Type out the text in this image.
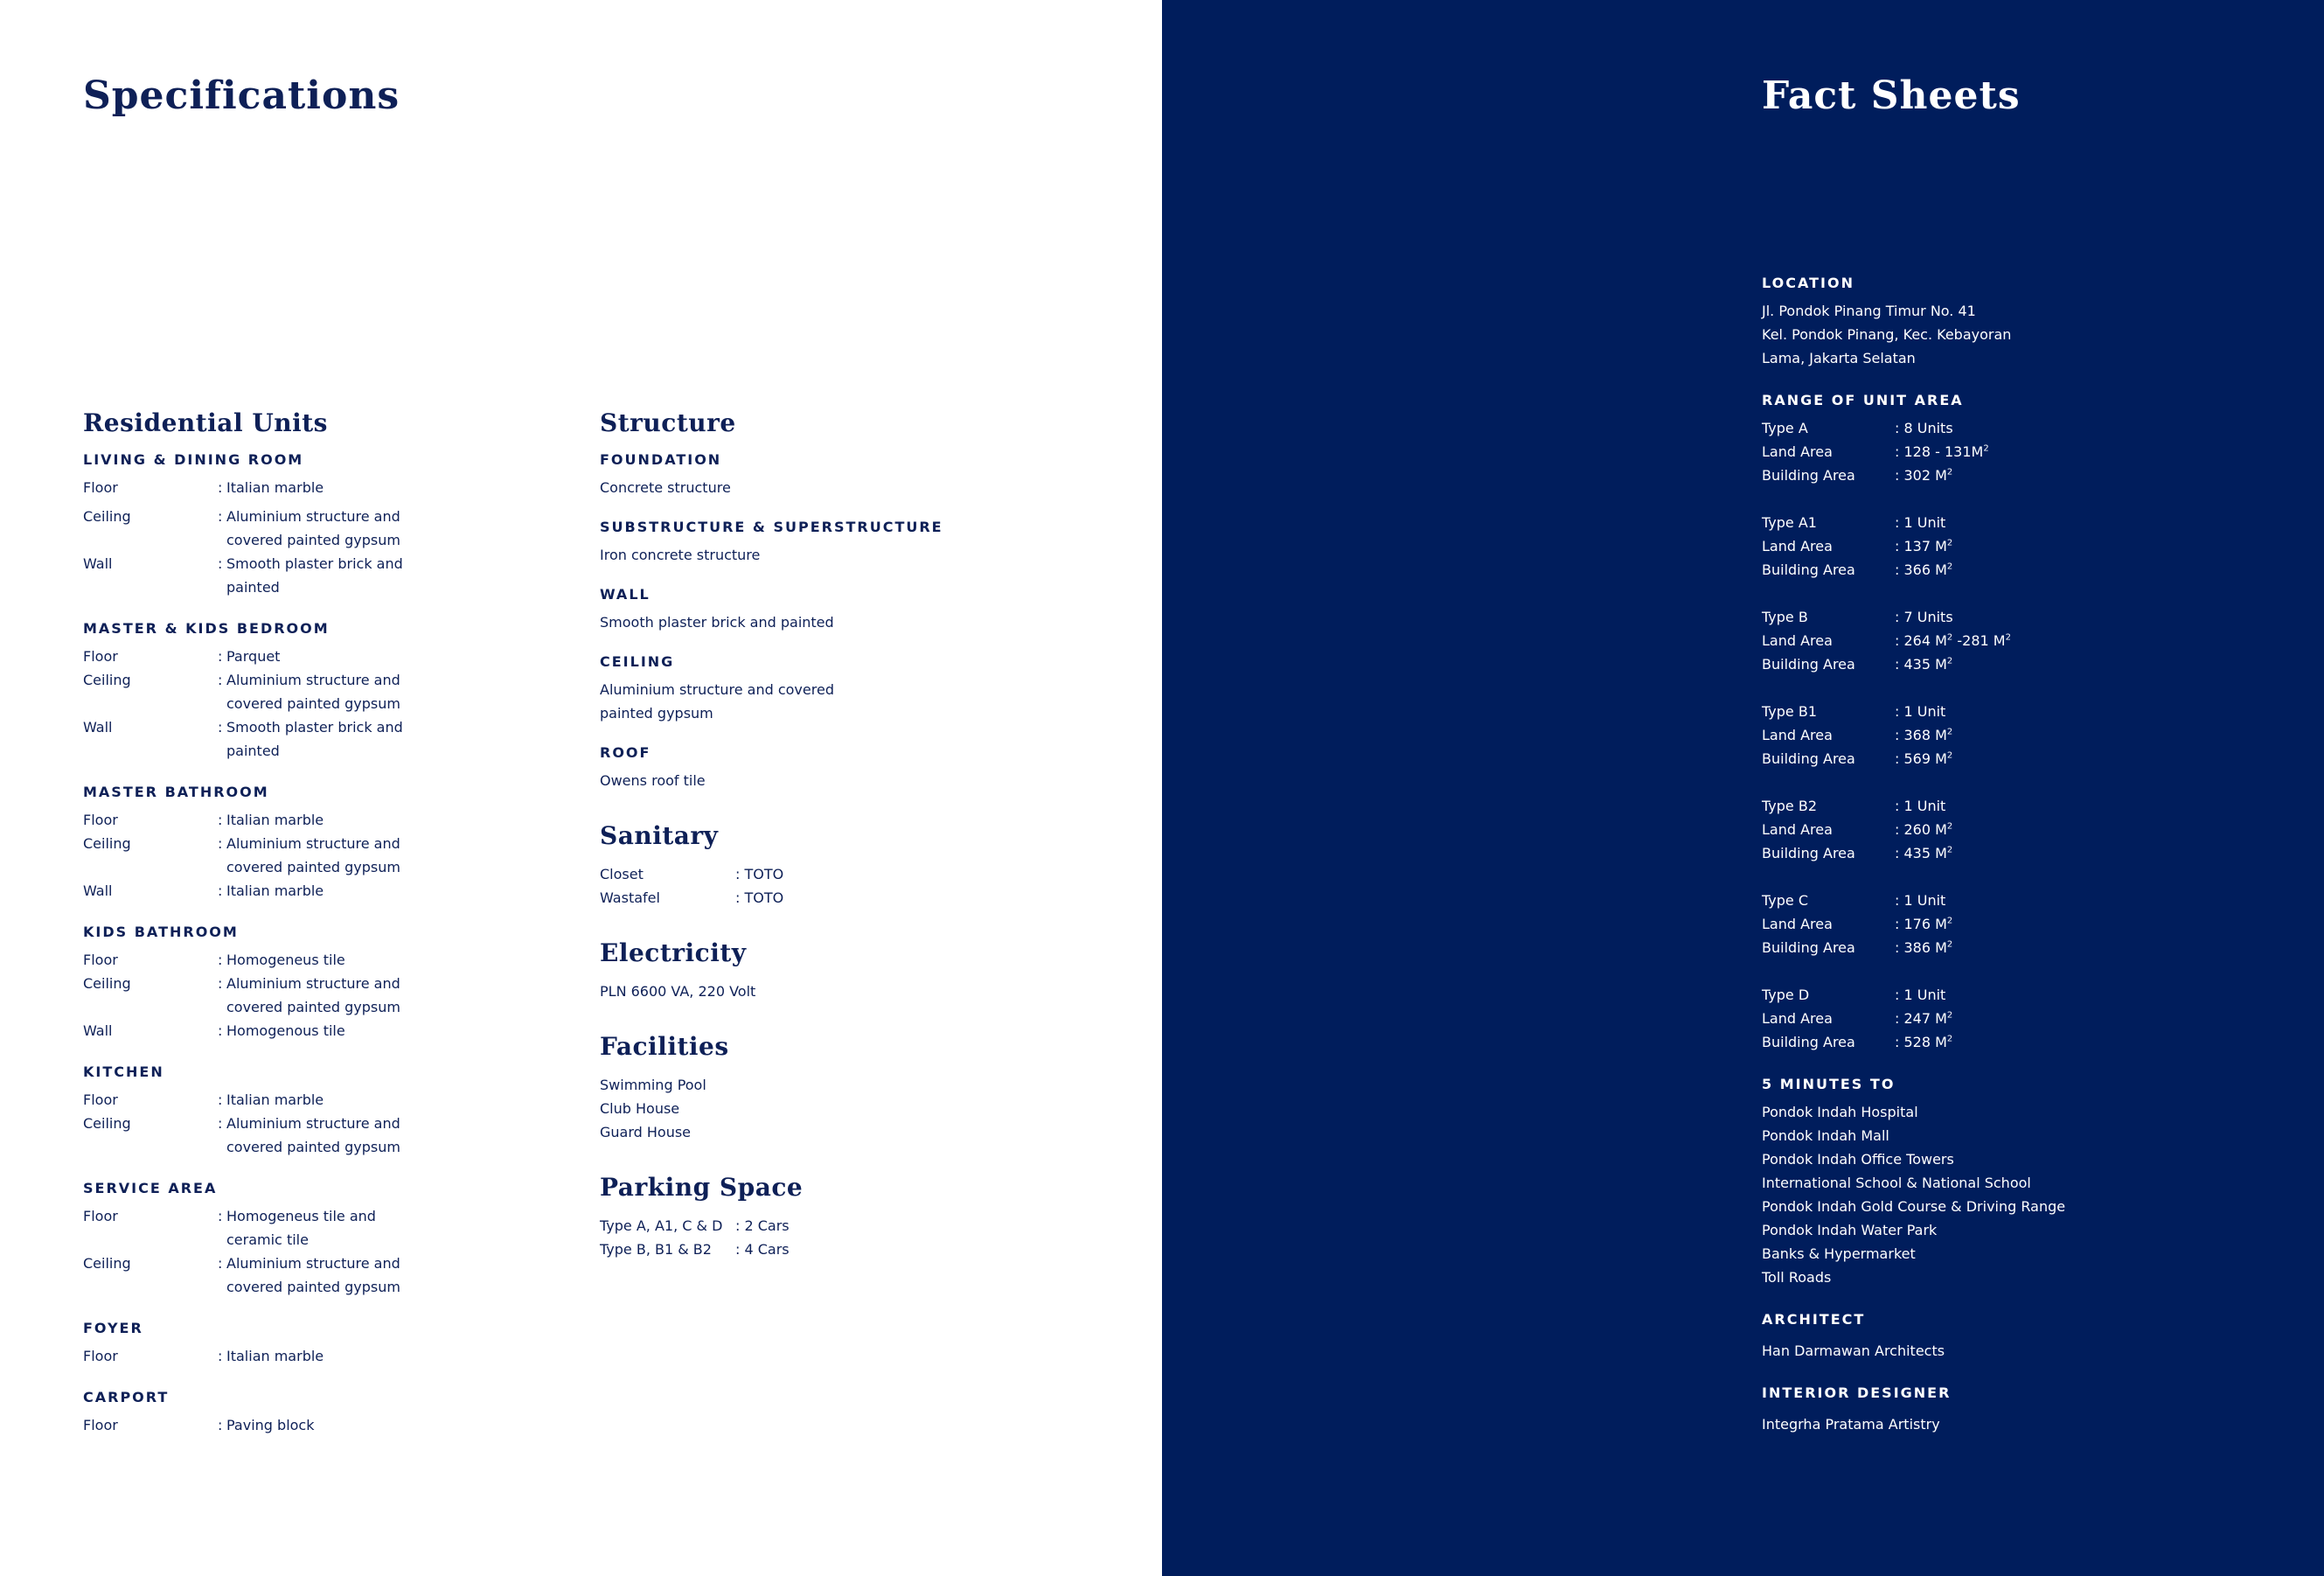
Specifications
Residential Units

LIVING & DINING ROOM

Floor	: Italian marble
Ceiling	: Aluminium structure and covered painted gypsum
Wall	: Smooth plaster brick and painted

MASTER & KIDS BEDROOM

Floor	: Parquet
Ceiling	: Aluminium structure and covered painted gypsum
Wall	: Smooth plaster brick and painted

MASTER BATHROOM

Floor	: Italian marble
Ceiling	: Aluminium structure and covered painted gypsum
Wall	: Italian marble

KIDS BATHROOM

Floor	: Homogeneus tile
Ceiling	: Aluminium structure and covered painted gypsum
Wall	: Homogenous tile

KITCHEN

Floor	: Italian marble
Ceiling	: Aluminium structure and covered painted gypsum

SERVICE AREA

Floor	: Homogeneus tile and ceramic tile
Ceiling	: Aluminium structure and covered painted gypsum

FOYER

Floor	: Italian marble

CARPORT

Floor	: Paving block
Structure

FOUNDATION

Concrete structure

SUBSTRUCTURE & SUPERSTRUCTURE

Iron concrete structure

WALL

Smooth plaster brick and painted

CEILING

Aluminium structure and covered

painted gypsum

ROOF

Owens roof tile

Sanitary
Closet	: TOTO
Wastafel	: TOTO
Electricity

PLN 6600 VA, 220 Volt

Facilities

Swimming Pool

Club House

Guard House

Parking Space
Type A, A1, C & D : 2 Cars
Type B, B1 & B2	: 4 Cars
Fact Sheets

LOCATION

Jl. Pondok Pinang Timur No. 41

Kel. Pondok Pinang, Kec. Kebayoran

Lama, Jakarta Selatan

RANGE OF UNIT AREA

Type A	: 8 Units
Land Area	: $128 - 131M^2$
Building Area	: 302 $M^2$
Type A1	: 1 Unit
Land Area	: 137 $M^2$
Building Area	: 366 $M^2$
Type B	: 7 Units
Land Area	: 264 $M^2$ -281 $M^2$
Building Area	: 435 $M^2$
Type B1	: 1 Unit
Land Area	: 368 $M^2$
Building Area	: 569 $M^2$
Type B2	: 1 Unit
Land Area	: 260 $M^2$
Building Area	: 435 $M^2$
Type C	: 1 Unit
Land Area	: 176 $M^2$
Building Area	: 386 $M^2$
Type D	: 1 Unit
Land Area	: 247 $M^2$
Building Area	: 528 $M^2$

5 MINUTES TO

Pondok Indah Hospital

Pondok Indah Mall

Pondok Indah Office Towers

International School & National School

Pondok Indah Gold Course & Driving Range

Pondok Indah Water Park

Banks & Hypermarket

Toll Roads

ARCHITECT

Han Darmawan Architects

INTERIOR DESIGNER

Integrha Pratama Artistry
